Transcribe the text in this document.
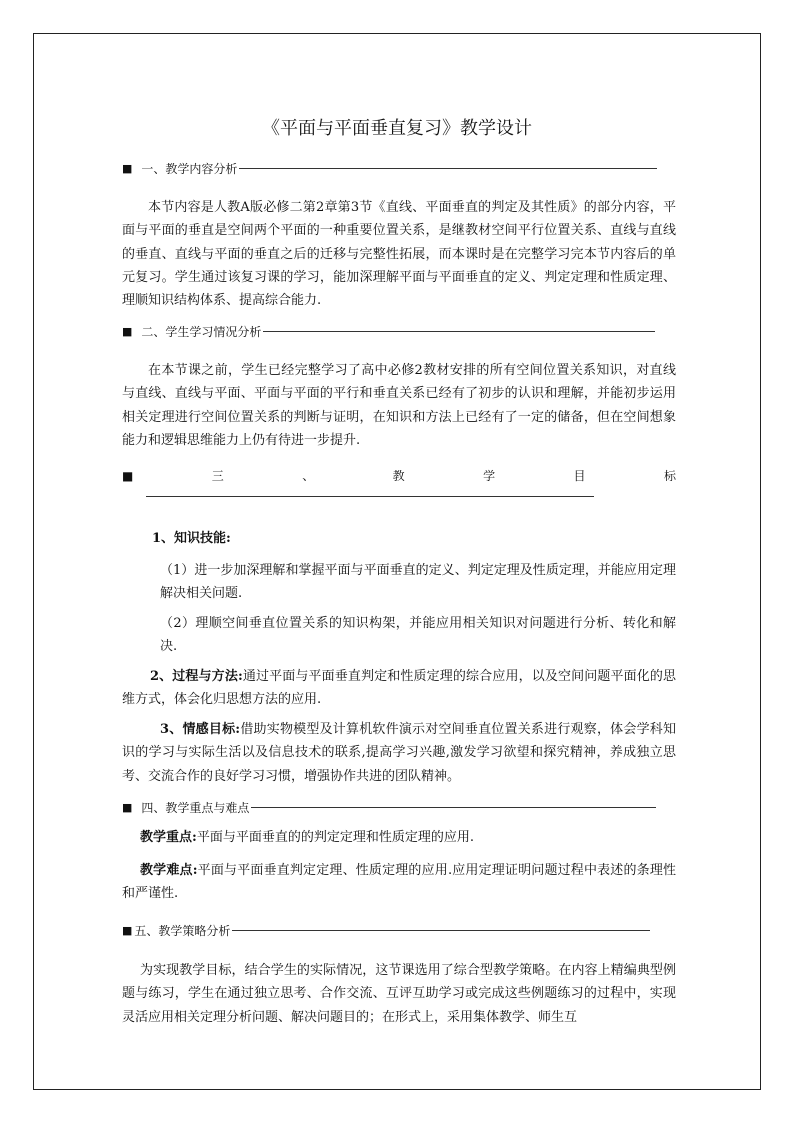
《平面与平面垂直复习》教学设计
■ 一、教学内容分析
本节内容是人教A版必修二第2章第3节《直线、平面垂直的判定及其性质》的部分内容，平面与平面的垂直是空间两个平面的一种重要位置关系，是继教材空间平行位置关系、直线与直线的垂直、直线与平面的垂直之后的迁移与完整性拓展，而本课时是在完整学习完本节内容后的单元复习。学生通过该复习课的学习，能加深理解平面与平面垂直的定义、判定定理和性质定理、理顺知识结构体系、提高综合能力.
■ 二、学生学习情况分析
在本节课之前，学生已经完整学习了高中必修2教材安排的所有空间位置关系知识，对直线与直线、直线与平面、平面与平面的平行和垂直关系已经有了初步的认识和理解，并能初步运用相关定理进行空间位置关系的判断与证明，在知识和方法上已经有了一定的储备，但在空间想象能力和逻辑思维能力上仍有待进一步提升.
■	三	、	教	学	目	标
1、知识技能:
（1）进一步加深理解和掌握平面与平面垂直的定义、判定定理及性质定理，并能应用定理解决相关问题.
（2）理顺空间垂直位置关系的知识构架，并能应用相关知识对问题进行分析、转化和解决.
2、过程与方法:通过平面与平面垂直判定和性质定理的综合应用，以及空间问题平面化的思维方式，体会化归思想方法的应用.
3、情感目标:借助实物模型及计算机软件演示对空间垂直位置关系进行观察，体会学科知识的学习与实际生活以及信息技术的联系,提高学习兴趣,激发学习欲望和探究精神，养成独立思考、交流合作的良好学习习惯，增强协作共进的团队精神。
■ 四、教学重点与难点
教学重点:平面与平面垂直的的判定定理和性质定理的应用.
教学难点:平面与平面垂直判定定理、性质定理的应用.应用定理证明问题过程中表述的条理性和严谨性.
■ 五、教学策略分析
为实现教学目标，结合学生的实际情况，这节课选用了综合型教学策略。在内容上精编典型例题与练习，学生在通过独立思考、合作交流、互评互助学习或完成这些例题练习的过程中，实现灵活应用相关定理分析问题、解决问题目的；在形式上，采用集体教学、师生互
